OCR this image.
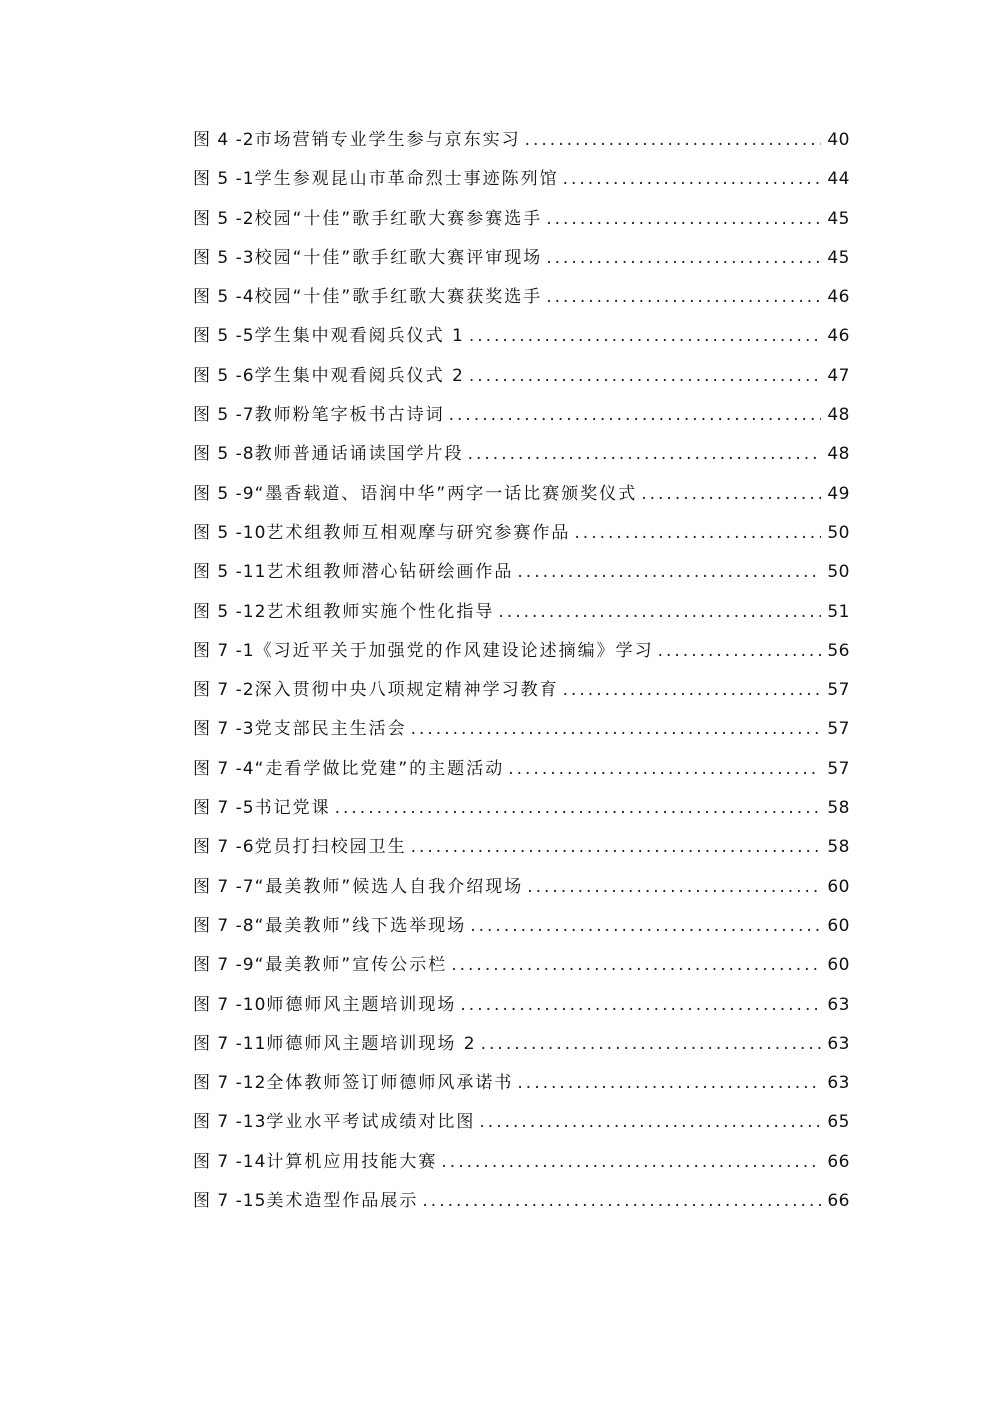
图 4 -2 市场营销专业学生参与京东实习 .....	40
图 5 -1 学生参观昆山市革命烈士事迹陈列馆 .....	44
图 5 -2 校园“十佳”歌手红歌大赛参赛选手 .....	45
图 5 -3 校园“十佳”歌手红歌大赛评审现场 .....	45
图 5 -4 校园“十佳”歌手红歌大赛获奖选手 .....	46
图 5 -5 学生集中观看阅兵仪式 1 .....	46
图 5 -6 学生集中观看阅兵仪式 2 .....	47
图 5 -7 教师粉笔字板书古诗词 .....	48
图 5 -8 教师普通话诵读国学片段 .....	48
图 5 -9 “墨香载道、语润中华”两字一话比赛颁奖仪式 .....	49
图 5 -10 艺术组教师互相观摩与研究参赛作品 .....	50
图 5 -11 艺术组教师潜心钻研绘画作品 .....	50
图 5 -12 艺术组教师实施个性化指导 .....	51
图 7 -1 《习近平关于加强党的作风建设论述摘编》学习 .....	56
图 7 -2 深入贯彻中央八项规定精神学习教育 .....	57
图 7 -3 党支部民主生活会 .....	57
图 7 -4 “走看学做比党建”的主题活动 .....	57
图 7 -5 书记党课 .....	58
图 7 -6 党员打扫校园卫生 .....	58
图 7 -7 “最美教师”候选人自我介绍现场 .....	60
图 7 -8 “最美教师”线下选举现场 .....	60
图 7 -9 “最美教师”宣传公示栏 .....	60
图 7 -10 师德师风主题培训现场 .....	63
图 7 -11 师德师风主题培训现场 2 .....	63
图 7 -12 全体教师签订师德师风承诺书 .....	63
图 7 -13 学业水平考试成绩对比图 .....	65
图 7 -14 计算机应用技能大赛 .....	66
图 7 -15 美术造型作品展示 .....	66
